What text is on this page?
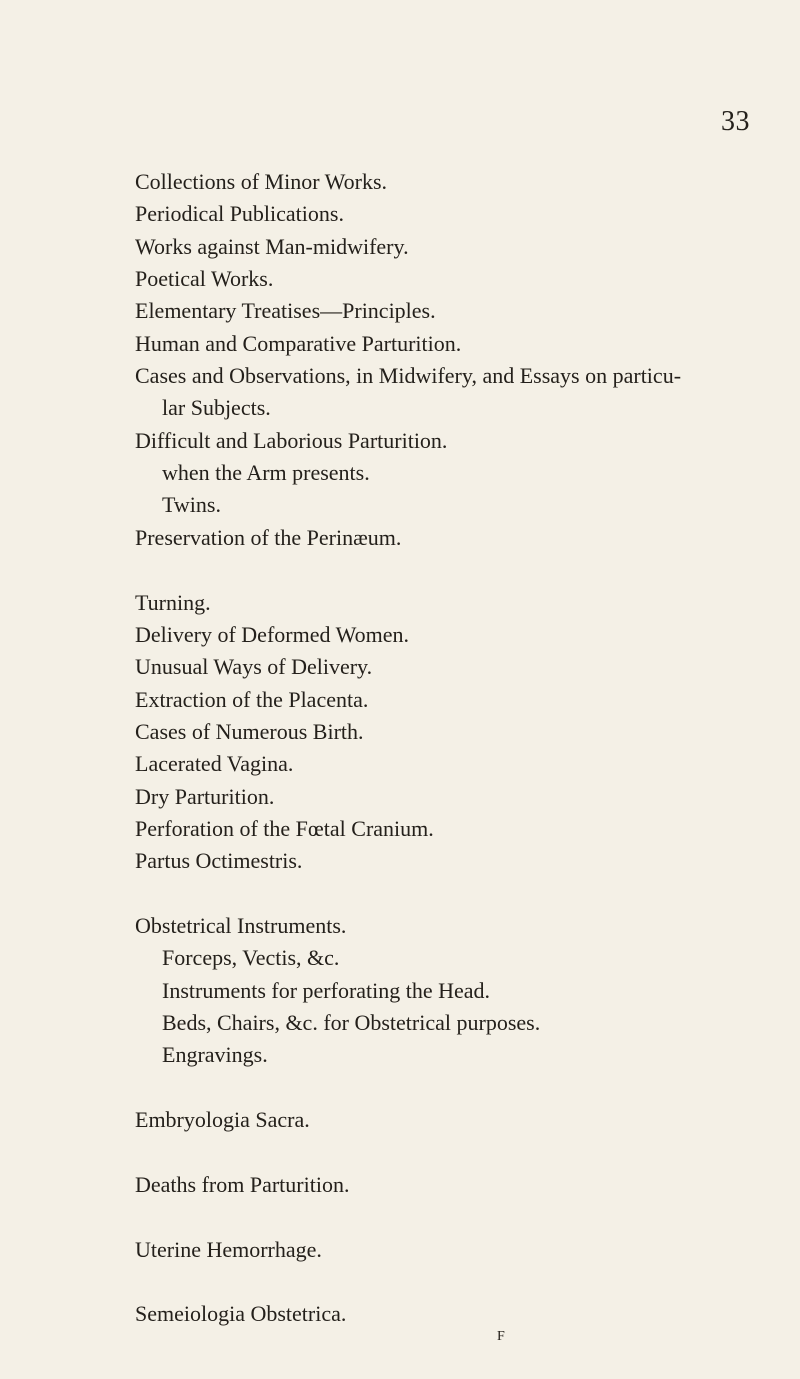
33
Collections of Minor Works.
Periodical Publications.
Works against Man-midwifery.
Poetical Works.
Elementary Treatises—Principles.
Human and Comparative Parturition.
Cases and Observations, in Midwifery, and Essays on particu-
lar Subjects.
Difficult and Laborious Parturition.
when the Arm presents.
Twins.
Preservation of the Perinæum.
Turning.
Delivery of Deformed Women.
Unusual Ways of Delivery.
Extraction of the Placenta.
Cases of Numerous Birth.
Lacerated Vagina.
Dry Parturition.
Perforation of the Fœtal Cranium.
Partus Octimestris.
Obstetrical Instruments.
Forceps, Vectis, &c.
Instruments for perforating the Head.
Beds, Chairs, &c. for Obstetrical purposes.
Engravings.
Embryologia Sacra.
Deaths from Parturition.
Uterine Hemorrhage.
Semeiologia Obstetrica.
F
